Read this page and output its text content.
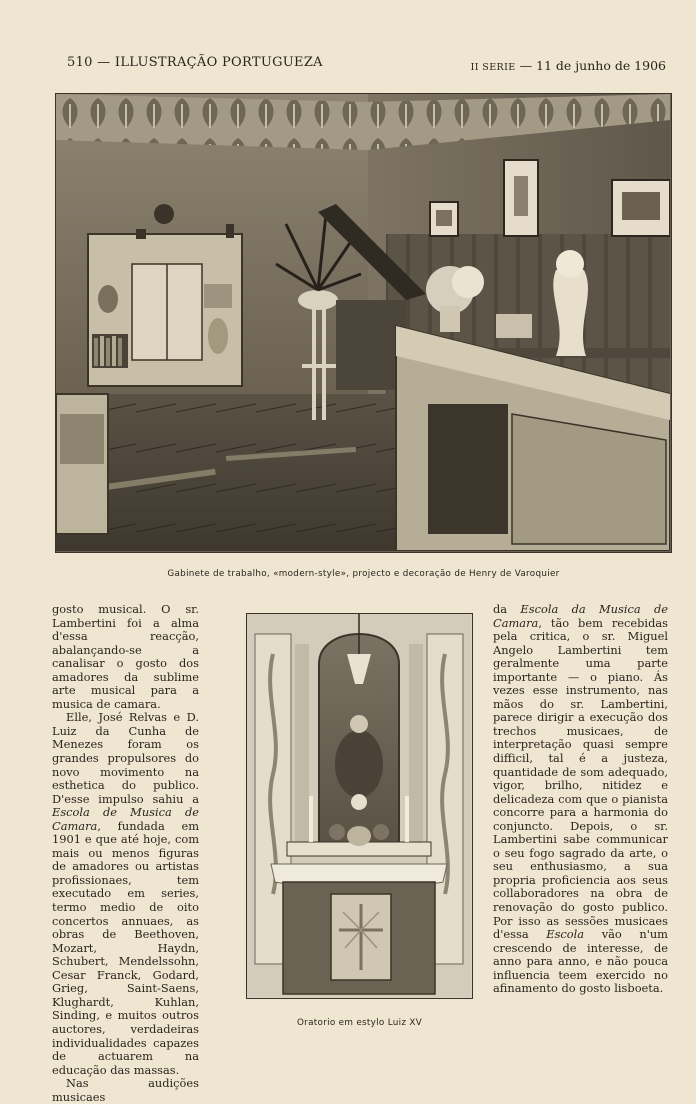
510 — ILLUSTRAÇÃO PORTUGUEZA	II SERIE — 11 de junho de 1906
Gabinete de trabalho, «modern-style», projecto e decoração de Henry de Varoquier

gosto musical. O sr. Lambertini foi a alma d'essa reacção, abalançando-se a canalisar o gosto dos amadores da sublime arte musical para a musica de camara.

Elle, José Relvas e D. Luiz da Cunha de Menezes foram os grandes propulsores do novo movimento na esthetica do publico. D'esse impulso sahiu a Escola de Musica de Camara, fundada em 1901 e que até hoje, com mais ou menos figuras de amadores ou artistas profissionaes, tem executado em series, termo medio de oito concertos annuaes, as obras de Beethoven, Mozart, Haydn, Schubert, Mendelssohn, Cesar Franck, Godard, Grieg, Saint-Saens, Klughardt, Kuhlan, Sinding, e muitos outros auctores, verdadeiras individualidades capazes de actuarem na educação das massas.

Nas audições musicaes

Oratorio em estylo Luiz XV

da Escola da Musica de Camara, tão bem recebidas pela critica, o sr. Miguel Angelo Lambertini tem geralmente uma parte importante — o piano. Ás vezes esse instrumento, nas mãos do sr. Lambertini, parece dirigir a execução dos trechos musicaes, de interpretação quasi sempre difficil, tal é a justeza, quantidade de som adequado, vigor, brilho, nitidez e delicadeza com que o pianista concorre para a harmonia do conjuncto. Depois, o sr. Lambertini sabe communicar o seu fogo sagrado da arte, o seu enthusiasmo, a sua propria proficiencia aos seus collaboradores na obra de renovação do gosto publico. Por isso as sessões musicaes d'essa Escola vão n'um crescendo de interesse, de anno para anno, e não pouca influencia teem exercido no afinamento do gosto lisboeta.
